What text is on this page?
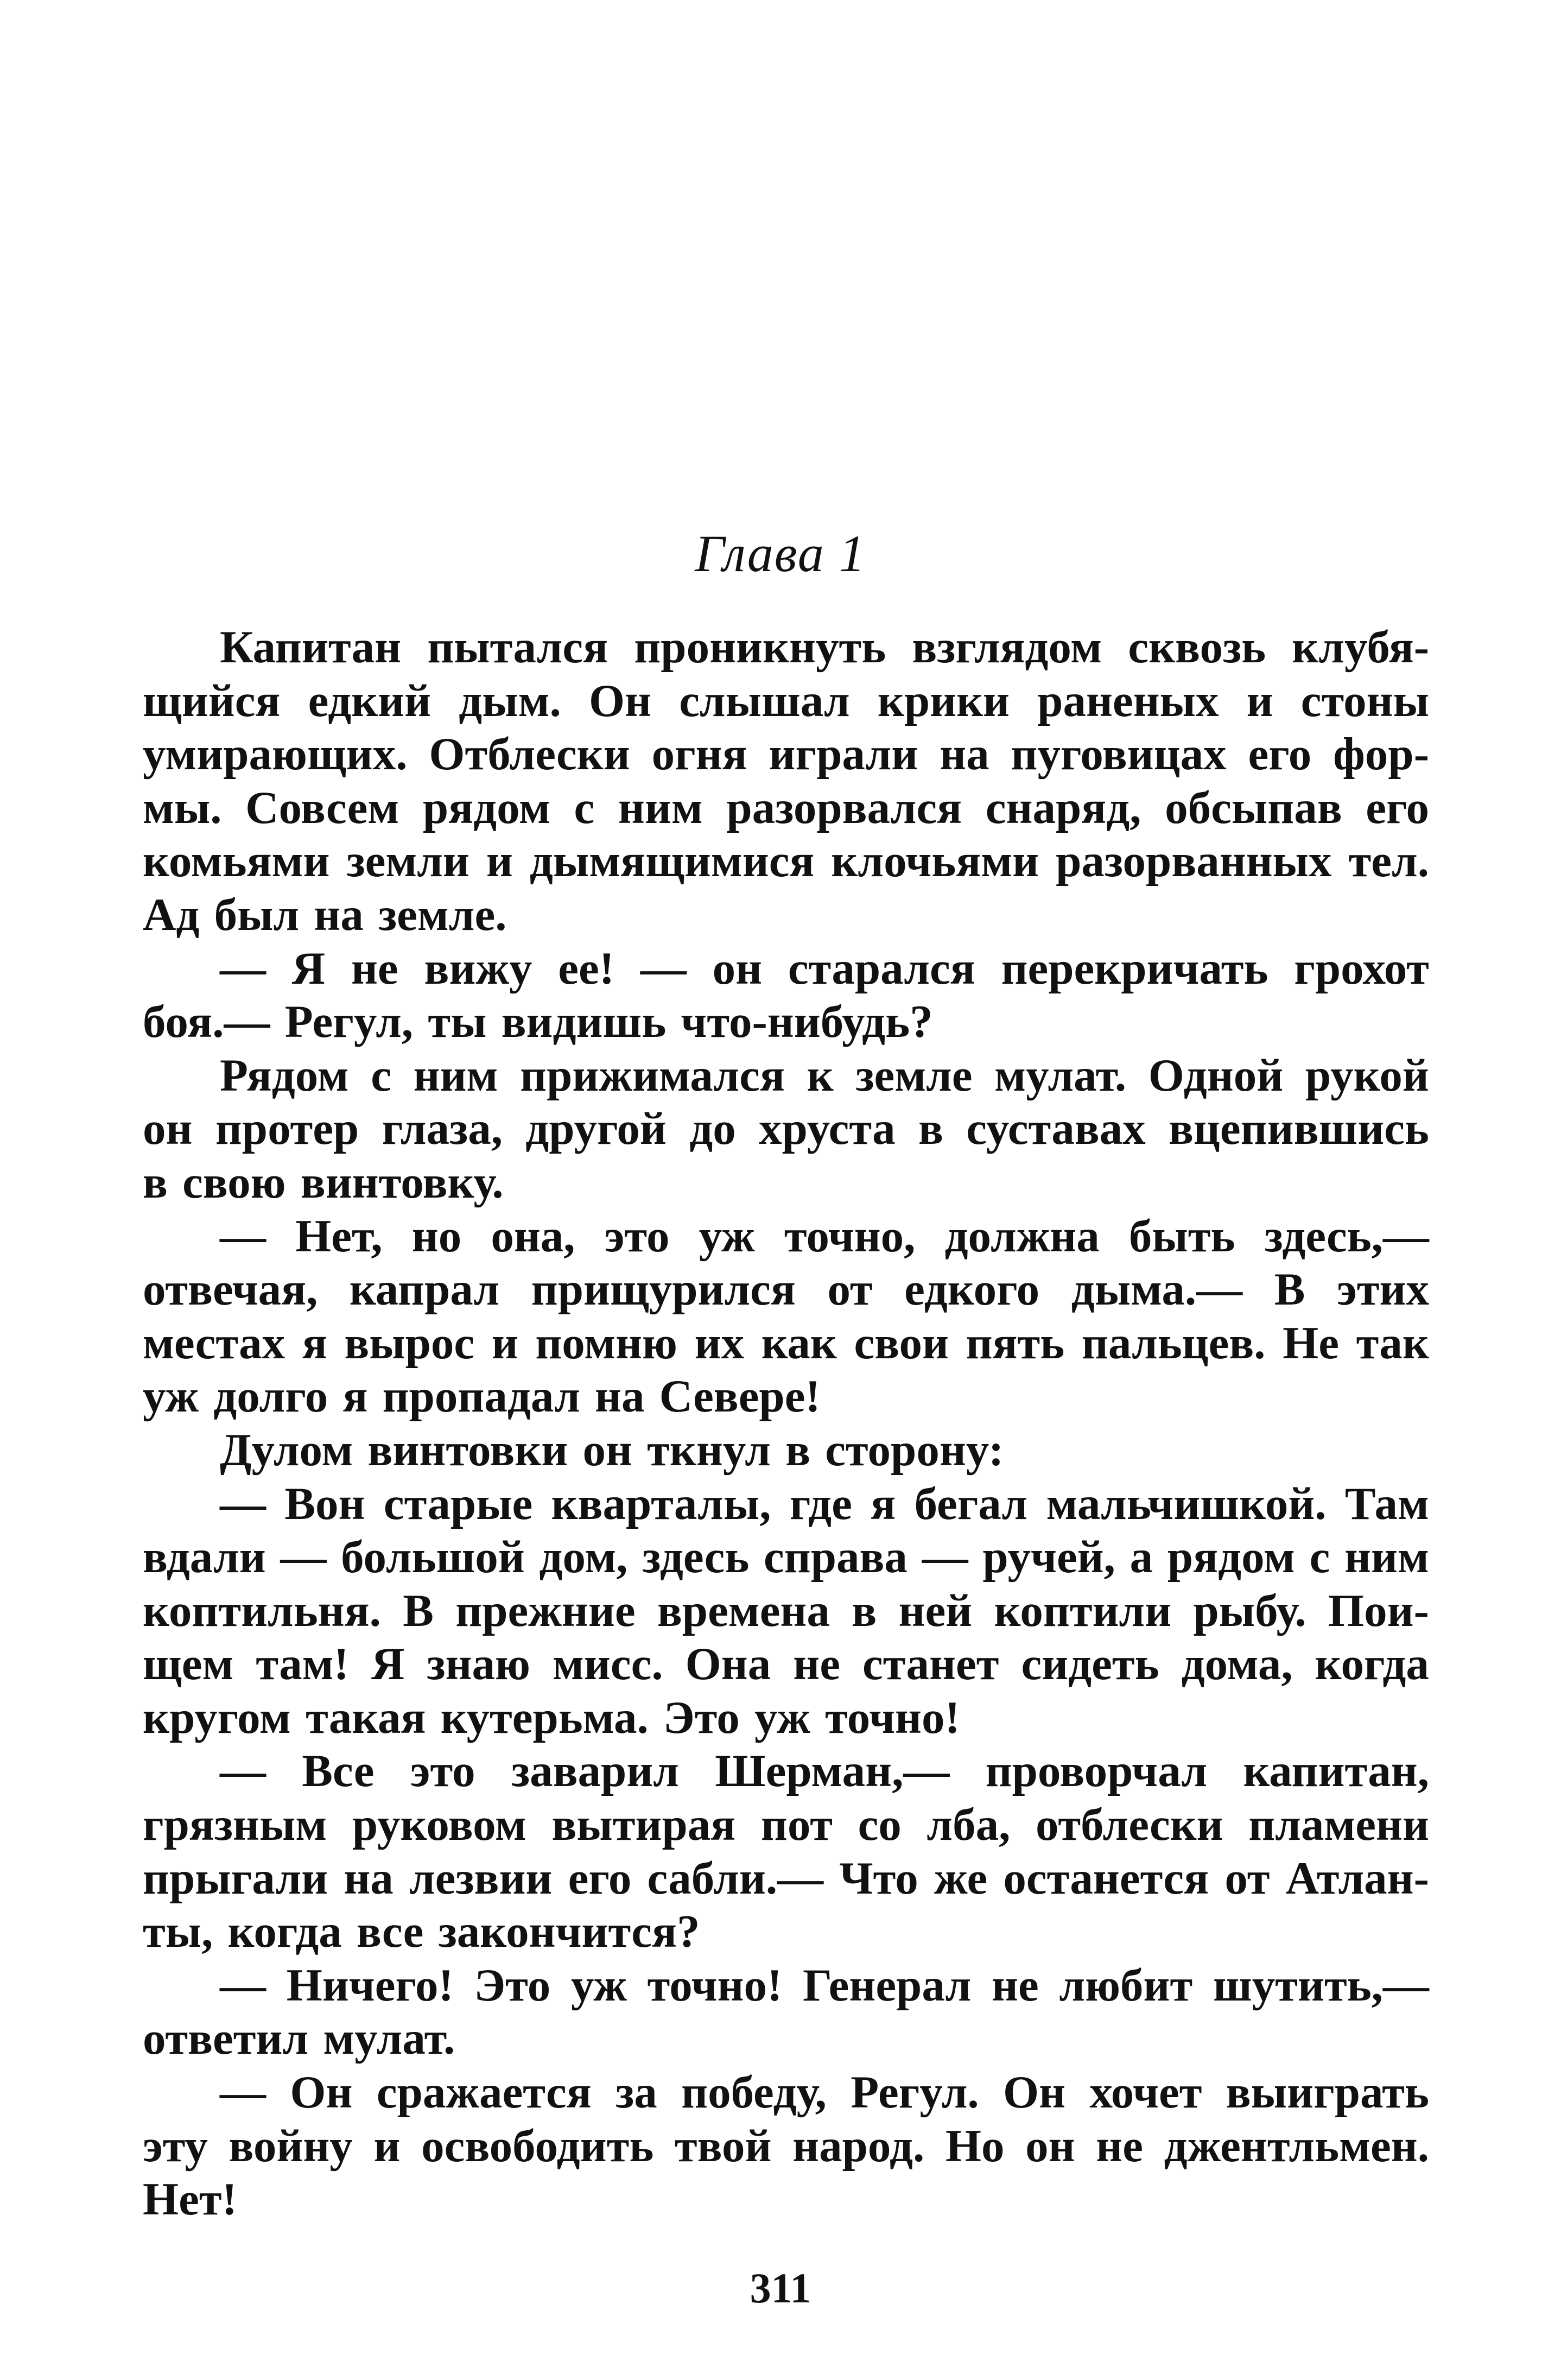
Глава 1
Капитан пытался проникнуть взглядом сквозь клубя-
щийся едкий дым. Он слышал крики раненых и стоны
умирающих. Отблески огня играли на пуговицах его фор-
мы. Совсем рядом с ним разорвался снаряд, обсыпав его
комьями земли и дымящимися клочьями разорванных тел.
Ад был на земле.
— Я не вижу ее! — он старался перекричать грохот
боя.— Регул, ты видишь что-нибудь?
Рядом с ним прижимался к земле мулат. Одной рукой
он протер глаза, другой до хруста в суставах вцепившись
в свою винтовку.
— Нет, но она, это уж точно, должна быть здесь,—
отвечая, капрал прищурился от едкого дыма.— В этих
местах я вырос и помню их как свои пять пальцев. Не так
уж долго я пропадал на Севере!
Дулом винтовки он ткнул в сторону:
— Вон старые кварталы, где я бегал мальчишкой. Там
вдали — большой дом, здесь справа — ручей, а рядом с ним
коптильня. В прежние времена в ней коптили рыбу. Пои-
щем там! Я знаю мисс. Она не станет сидеть дома, когда
кругом такая кутерьма. Это уж точно!
— Все это заварил Шерман,— проворчал капитан,
грязным руковом вытирая пот со лба, отблески пламени
прыгали на лезвии его сабли.— Что же останется от Атлан-
ты, когда все закончится?
— Ничего! Это уж точно! Генерал не любит шутить,—
ответил мулат.
— Он сражается за победу, Регул. Он хочет выиграть
эту войну и освободить твой народ. Но он не джентльмен.
Нет!
311
